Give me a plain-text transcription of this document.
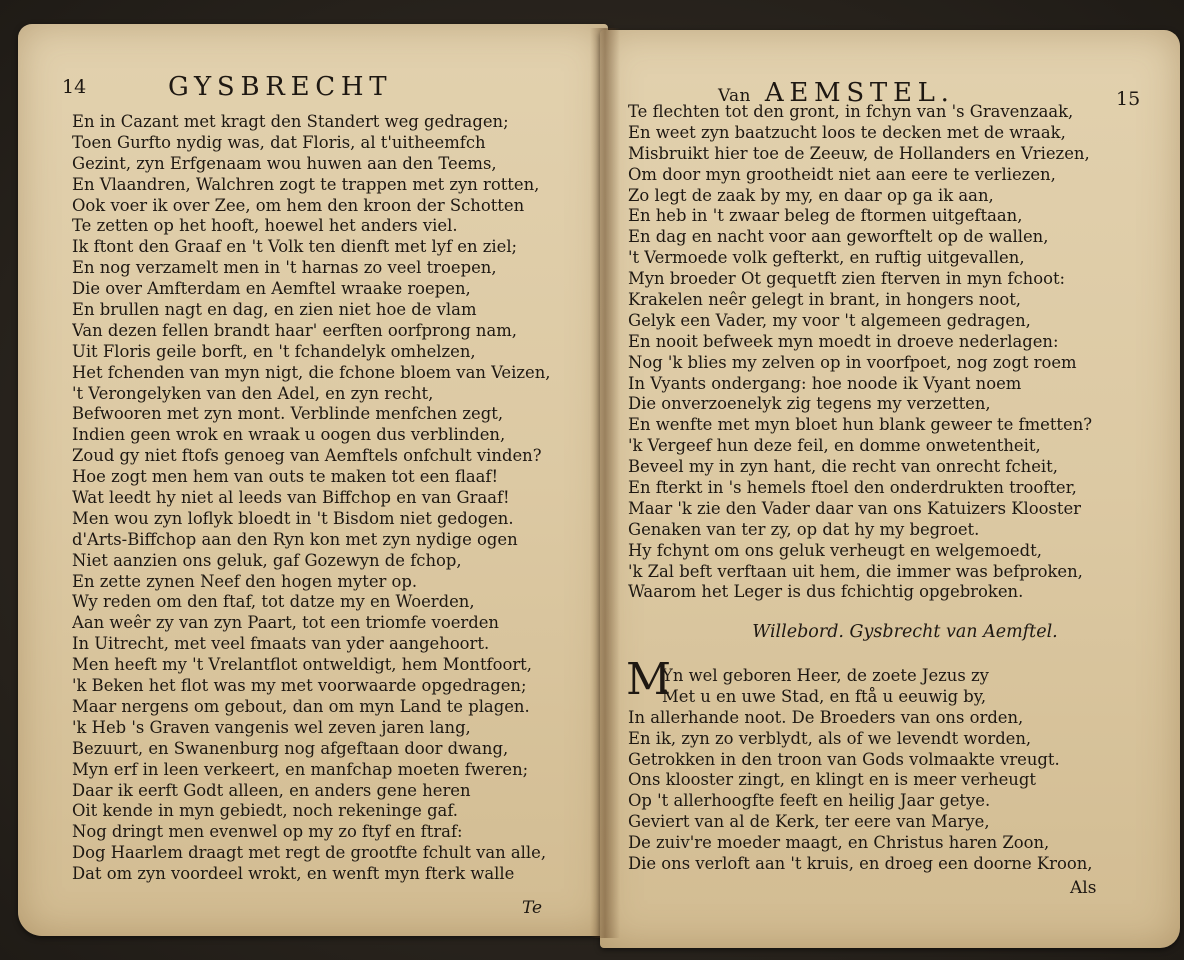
14	GYSBRECHT
En in Cazant met kragt den Standert weg gedragen;
Toen Gurfto nydig was, dat Floris, al t'uitheemfch
Gezint, zyn Erfgenaam wou huwen aan den Teems,
En Vlaandren, Walchren zogt te trappen met zyn rotten,
Ook voer ik over Zee, om hem den kroon der Schotten
Te zetten op het hooft, hoewel het anders viel.
Ik ftont den Graaf en 't Volk ten dienft met lyf en ziel;
En nog verzamelt men in 't harnas zo veel troepen,
Die over Amfterdam en Aemftel wraake roepen,
En brullen nagt en dag, en zien niet hoe de vlam
Van dezen fellen brandt haar' eerften oorfprong nam,
Uit Floris geile borft, en 't fchandelyk omhelzen,
Het fchenden van myn nigt, die fchone bloem van Veizen,
't Verongelyken van den Adel, en zyn recht,
Befwooren met zyn mont. Verblinde menfchen zegt,
Indien geen wrok en wraak u oogen dus verblinden,
Zoud gy niet ftofs genoeg van Aemftels onfchult vinden?
Hoe zogt men hem van outs te maken tot een flaaf!
Wat leedt hy niet al leeds van Biffchop en van Graaf!
Men wou zyn loflyk bloedt in 't Bisdom niet gedogen.
d'Arts-Biffchop aan den Ryn kon met zyn nydige ogen
Niet aanzien ons geluk, gaf Gozewyn de fchop,
En zette zynen Neef den hogen myter op.
Wy reden om den ftaf, tot datze my en Woerden,
Aan weêr zy van zyn Paart, tot een triomfe voerden
In Uitrecht, met veel fmaats van yder aangehoort.
Men heeft my 't Vrelantflot ontweldigt, hem Montfoort,
'k Beken het flot was my met voorwaarde opgedragen;
Maar nergens om gebout, dan om myn Land te plagen.
'k Heb 's Graven vangenis wel zeven jaren lang,
Bezuurt, en Swanenburg nog afgeftaan door dwang,
Myn erf in leen verkeert, en manfchap moeten fweren;
Daar ik eerft Godt alleen, en anders gene heren
Oit kende in myn gebiedt, noch rekeninge gaf.
Nog dringt men evenwel op my zo ftyf en ftraf:
Dog Haarlem draagt met regt de grootfte fchult van alle,
Dat om zyn voordeel wrokt, en wenft myn fterk walle
Te
Van AEMSTEL.	15
Te flechten tot den gront, in fchyn van 's Gravenzaak,
En weet zyn baatzucht loos te decken met de wraak,
Misbruikt hier toe de Zeeuw, de Hollanders en Vriezen,
Om door myn grootheidt niet aan eere te verliezen,
Zo legt de zaak by my, en daar op ga ik aan,
En heb in 't zwaar beleg de ftormen uitgeftaan,
En dag en nacht voor aan geworftelt op de wallen,
't Vermoede volk gefterkt, en ruftig uitgevallen,
Myn broeder Ot gequetft zien fterven in myn fchoot:
Krakelen neêr gelegt in brant, in hongers noot,
Gelyk een Vader, my voor 't algemeen gedragen,
En nooit befweek myn moedt in droeve nederlagen:
Nog 'k blies my zelven op in voorfpoet, nog zogt roem
In Vyants ondergang: hoe noode ik Vyant noem
Die onverzoenelyk zig tegens my verzetten,
En wenfte met myn bloet hun blank geweer te fmetten?
'k Vergeef hun deze feil, en domme onwetentheit,
Beveel my in zyn hant, die recht van onrecht fcheit,
En fterkt in 's hemels ftoel den onderdrukten troofter,
Maar 'k zie den Vader daar van ons Katuizers Klooster
Genaken van ter zy, op dat hy my begroet.
Hy fchynt om ons geluk verheugt en welgemoedt,
'k Zal beft verftaan uit hem, die immer was befproken,
Waarom het Leger is dus fchichtig opgebroken.
Willebord. Gysbrecht van Aemftel.
M
Yn wel geboren Heer, de zoete Jezus zy
Met u en uwe Stad, en ftå u eeuwig by,
In allerhande noot. De Broeders van ons orden,
En ik, zyn zo verblydt, als of we levendt worden,
Getrokken in den troon van Gods volmaakte vreugt.
Ons klooster zingt, en klingt en is meer verheugt
Op 't allerhoogfte feeft en heilig Jaar getye.
Geviert van al de Kerk, ter eere van Marye,
De zuiv're moeder maagt, en Christus haren Zoon,
Die ons verloft aan 't kruis, en droeg een doorne Kroon,
Als
